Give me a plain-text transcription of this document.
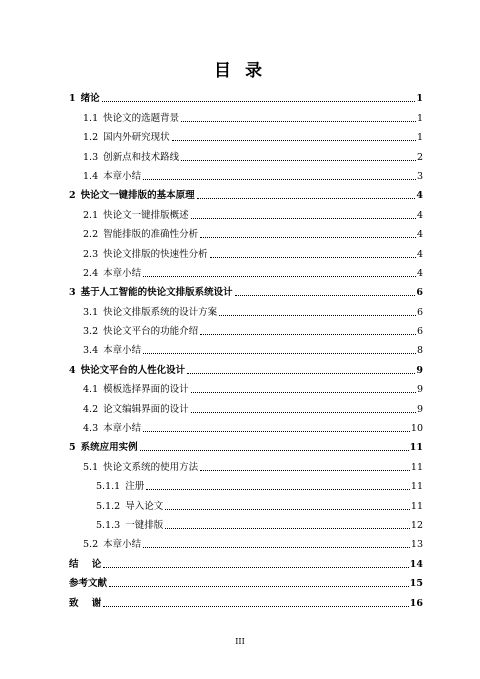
目 录
1 绪论	1
1.1 快论文的选题背景	1
1.2 国内外研究现状	1
1.3 创新点和技术路线	2
1.4 本章小结	3
2 快论文一键排版的基本原理	4
2.1 快论文一键排版概述	4
2.2 智能排版的准确性分析	4
2.3 快论文排版的快速性分析	4
2.4 本章小结	4
3 基于人工智能的快论文排版系统设计	6
3.1 快论文排版系统的设计方案	6
3.2 快论文平台的功能介绍	6
3.4 本章小结	8
4 快论文平台的人性化设计	9
4.1 模板选择界面的设计	9
4.2 论文编辑界面的设计	9
4.3 本章小结	10
5 系统应用实例	11
5.1 快论文系统的使用方法	11
5.1.1 注册	11
5.1.2 导入论文	11
5.1.3 一键排版	12
5.2 本章小结	13
结    论	14
参考文献	15
致    谢	16
III
